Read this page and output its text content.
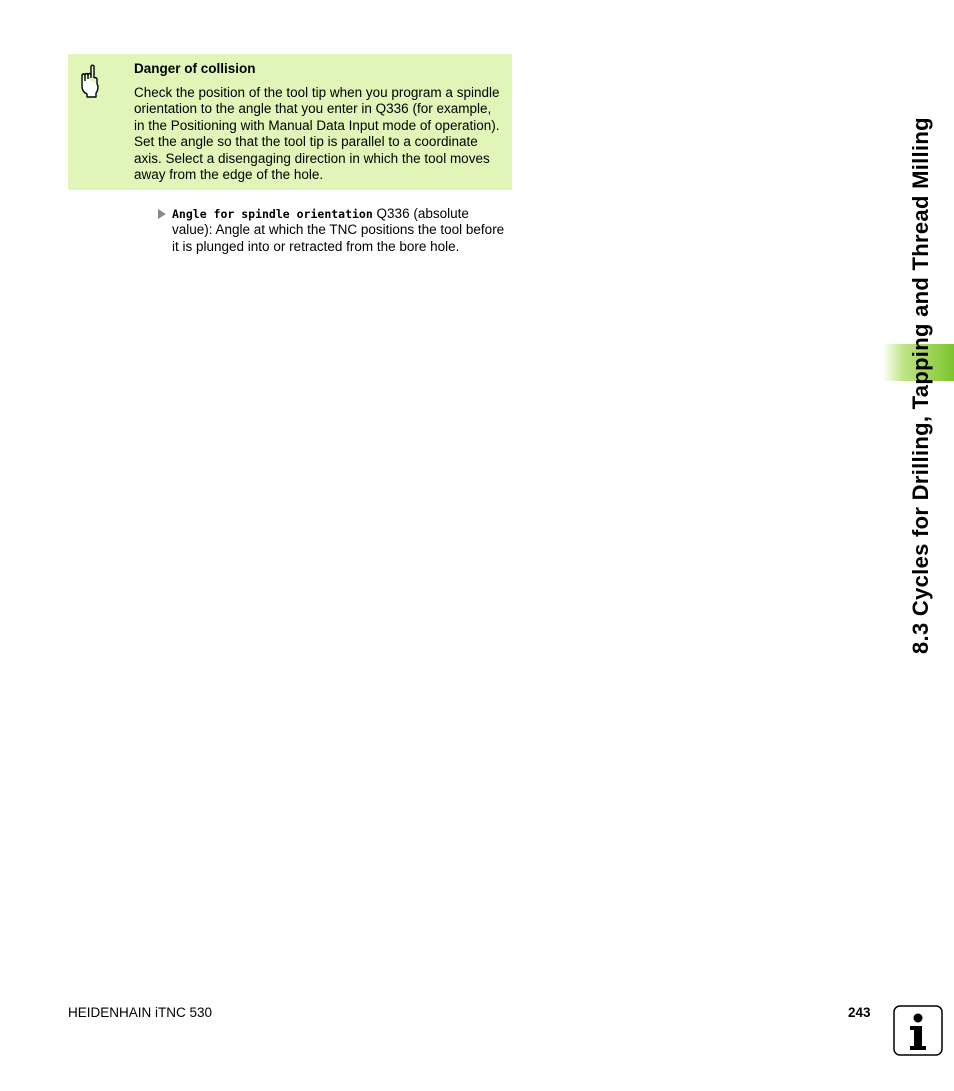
Danger of collision
Check the position of the tool tip when you program a spindle orientation to the angle that you enter in Q336 (for example, in the Positioning with Manual Data Input mode of operation). Set the angle so that the tool tip is parallel to a coordinate axis. Select a disengaging direction in which the tool moves away from the edge of the hole.
Angle for spindle orientation Q336 (absolute value): Angle at which the TNC positions the tool before it is plunged into or retracted from the bore hole.	8.3 Cycles for Drilling, Tapping and Thread Milling
HEIDENHAIN iTNC 530	243
